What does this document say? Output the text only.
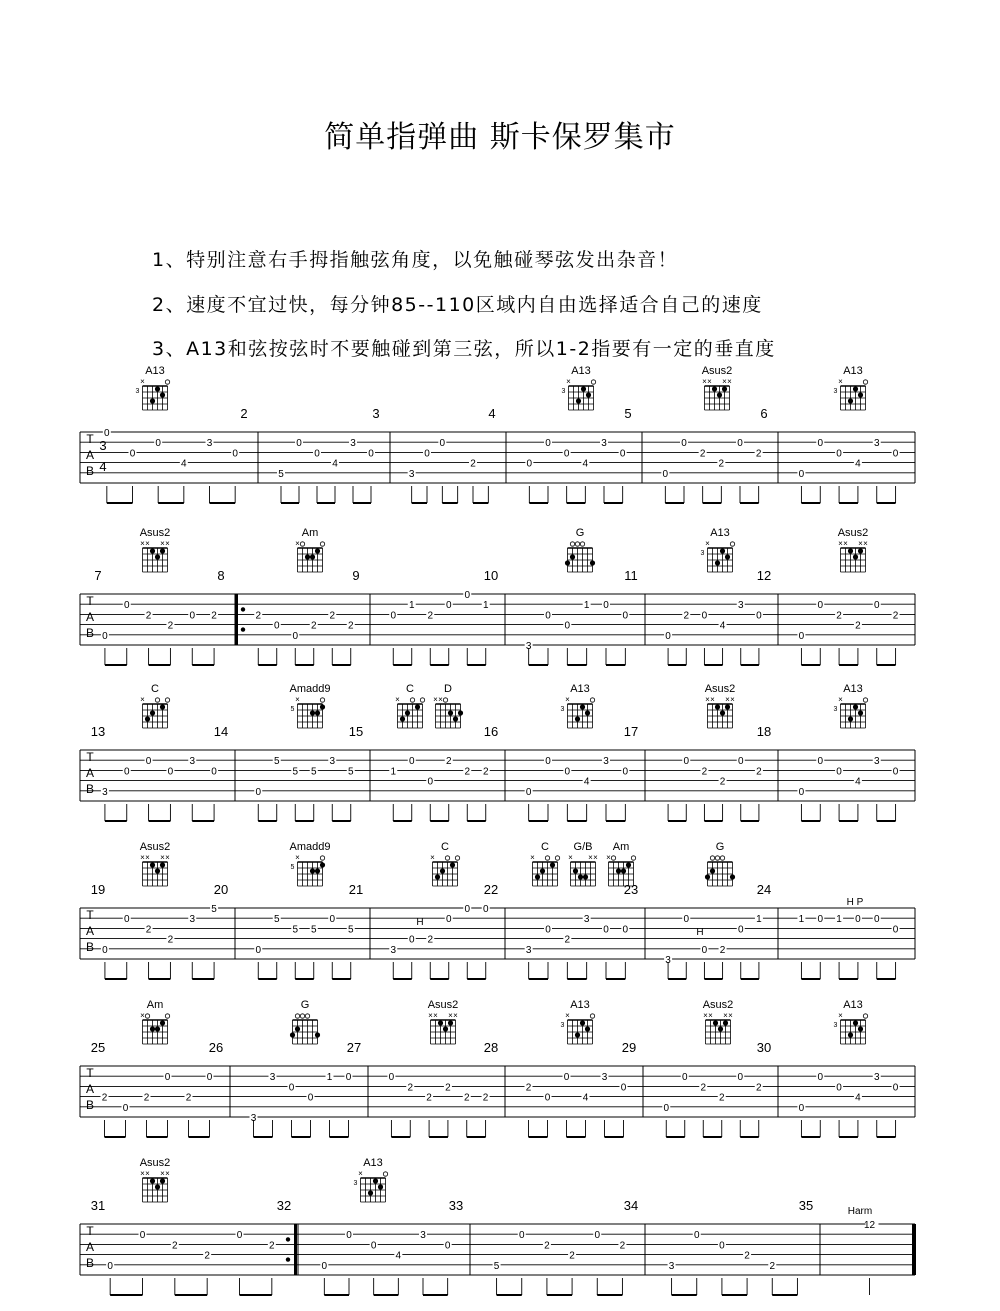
简单指弹曲 斯卡保罗集市
1、特别注意右手拇指触弦角度，以免触碰琴弦发出杂音！
2、速度不宜过快，每分钟85--110区域内自由选择适合自己的速度
3、A13和弦按弦时不要触碰到第三弦，所以1-2指要有一定的垂直度
T
A
B
3
4
A13
×
3
0
0
0
4
3
0
2
5
0
0
4
3
0
3
3
0
0
2
4
A13
×
3
0
0
0
4
3
0
5
Asus2
× × × ×
0
0
2
2
0
2
6
A13
×
3
0
0
0
4
3
0
T
A
B
7
Asus2
× × × ×
0
0
2
2
0 2
8
Am
×
2
0
0
2
2
2
9
0
1
2
0
0
1
10
G
3
0
0
1 0
0
11
A13
×
3
0
2 0
4
3
0
12
Asus2
× × × ×
0
0
2
2
0
2
T
A
B
13
C
×
3
0
0
0
3
0
14
Amadd9
×
5
0
5
5 5
3
5
15
C
×
D
× ×
1
0
0
2
2 2
16
A13
×
3
0
0
0
4
3
0
17
Asus2
× × × ×
0
2
2
0
2
18
A13
×
3
0
0
0
4
3
0
T
A
B
19
Asus2
× × × ×
0
0
2
2
3
5
20
Amadd9
×
5
0
5
5 5
0
5
21
C
×
3
0 2
0
0 0
22
C
×
G/B
× × ×
Am
×
3
0
2
3
0 0
23
G
3
0
0 2
0
1
24
1 0 1 0 0
0
T
A
B
25
Am
×
2
0
2
0
2
0
26
G
3
3
0
0
1 0
27
Asus2
× × × ×
0
2
2
2
2 2
28
A13
×
3
2
0
0
4
3
0
29
Asus2
× × × ×
0
0
2
2
0
2
30
A13
×
3
0
0
0
4
3
0
T
A
B
31
Asus2
× × × ×
0
0
2
2
0
2
32
A13
×
3
0
0
0
4
3
0
33
5
0
2
2
0
2
34
3
0
0
2
2
35
12
H
H
H P
Harm
